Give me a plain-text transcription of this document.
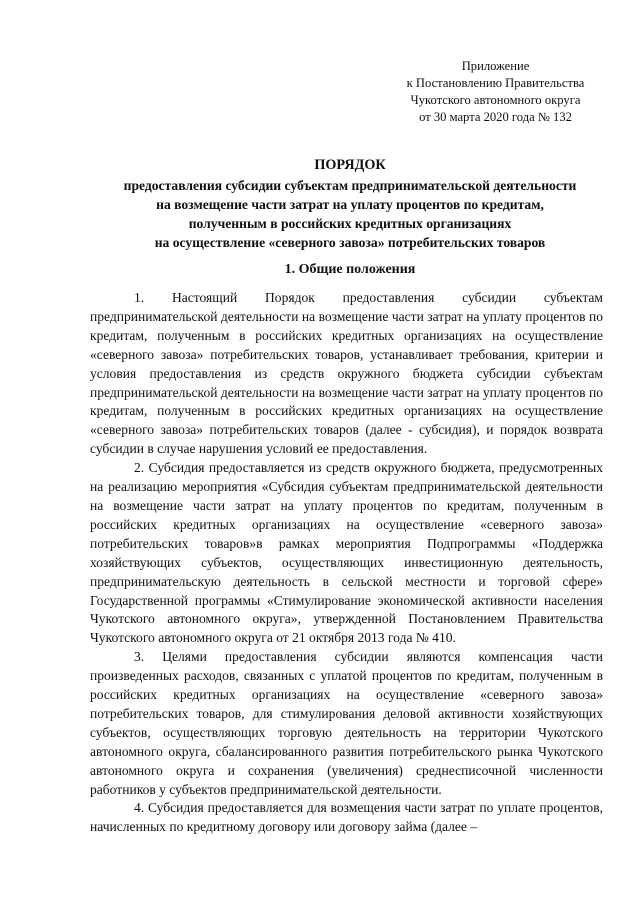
Приложение
к Постановлению Правительства
Чукотского автономного округа
от 30 марта 2020 года № 132
ПОРЯДОК
предоставления субсидии субъектам предпринимательской деятельности
на возмещение части затрат на уплату процентов по кредитам,
полученным в российских кредитных организациях
на осуществление «северного завоза» потребительских товаров
1. Общие положения

1. Настоящий Порядок предоставления субсидии субъектам предпринимательской деятельности на возмещение части затрат на уплату процентов по кредитам, полученным в российских кредитных организациях на осуществление «северного завоза» потребительских товаров, устанавливает требования, критерии и условия предоставления из средств окружного бюджета субсидии субъектам предпринимательской деятельности на возмещение части затрат на уплату процентов по кредитам, полученным в российских кредитных организациях на осуществление «северного завоза» потребительских товаров (далее - субсидия), и порядок возврата субсидии в случае нарушения условий ее предоставления.

2. Субсидия предоставляется из средств окружного бюджета, предусмотренных на реализацию мероприятия «Субсидия субъектам предпринимательской деятельности на возмещение части затрат на уплату процентов по кредитам, полученным в российских кредитных организациях на осуществление «северного завоза» потребительских товаров»в рамках мероприятия Подпрограммы «Поддержка хозяйствующих субъектов, осуществляющих инвестиционную деятельность, предпринимательскую деятельность в сельской местности и торговой сфере» Государственной программы «Стимулирование экономической активности населения Чукотского автономного округа», утвержденной Постановлением Правительства Чукотского автономного округа от 21 октября 2013 года № 410.

3. Целями предоставления субсидии являются компенсация части произведенных расходов, связанных с уплатой процентов по кредитам, полученным в российских кредитных организациях на осуществление «северного завоза» потребительских товаров, для стимулирования деловой активности хозяйствующих субъектов, осуществляющих торговую деятельность на территории Чукотского автономного округа, сбалансированного развития потребительского рынка Чукотского автономного округа и сохранения (увеличения) среднесписочной численности работников у субъектов предпринимательской деятельности.

4. Субсидия предоставляется для возмещения части затрат по уплате процентов, начисленных по кредитному договору или договору займа (далее –
